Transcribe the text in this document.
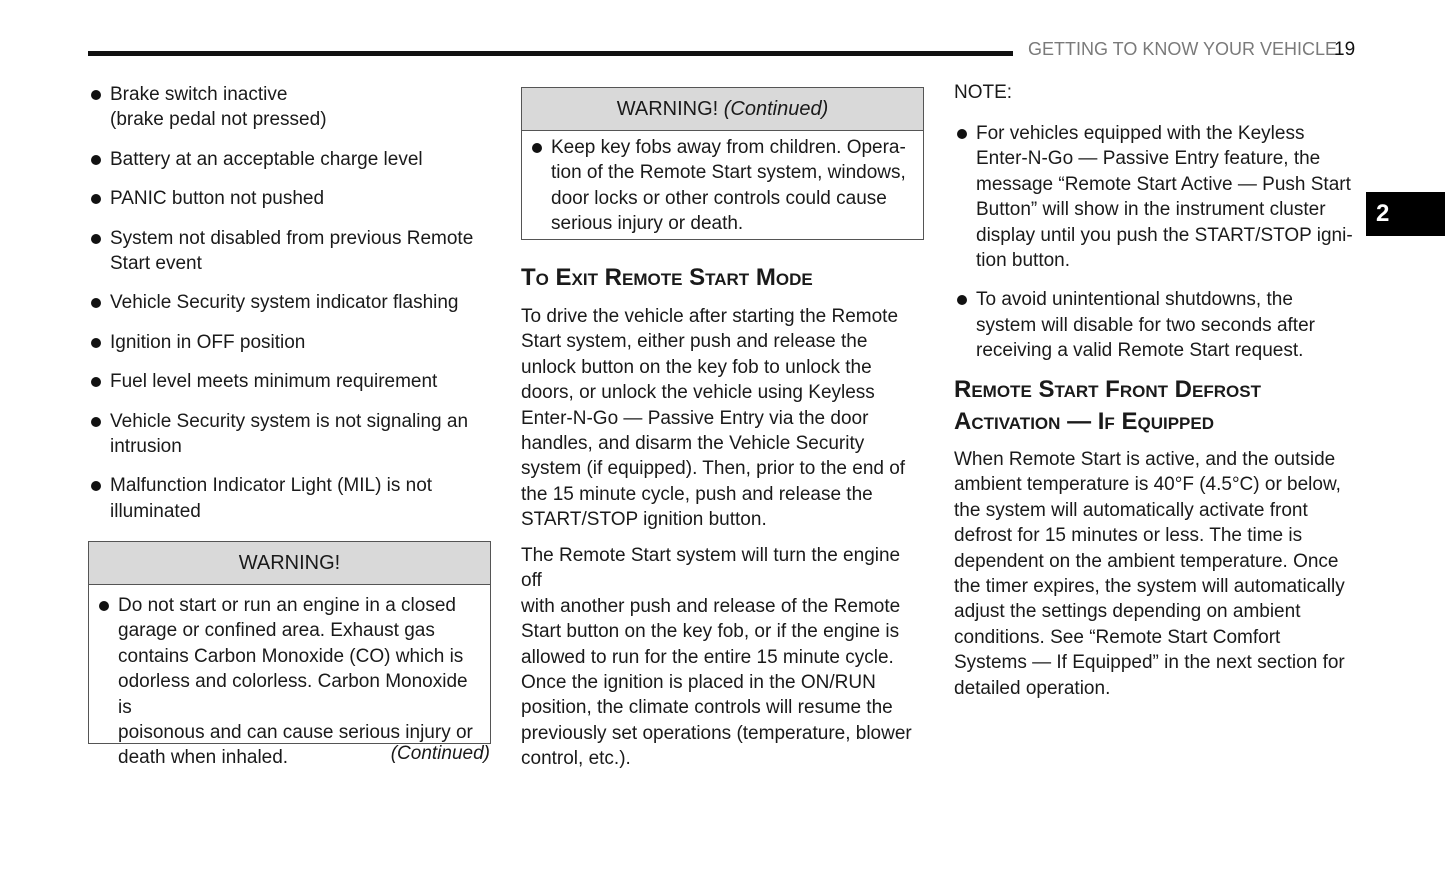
GETTING TO KNOW YOUR VEHICLE
19
2
Brake switch inactive
(brake pedal not pressed)
Battery at an acceptable charge level
PANIC button not pushed
System not disabled from previous Remote
Start event
Vehicle Security system indicator flashing
Ignition in OFF position
Fuel level meets minimum requirement
Vehicle Security system is not signaling an
intrusion
Malfunction Indicator Light (MIL) is not
illuminated
WARNING!
Do not start or run an engine in a closed
garage or confined area. Exhaust gas
contains Carbon Monoxide (CO) which is
odorless and colorless. Carbon Monoxide is
poisonous and can cause serious injury or
death when inhaled.	(Continued)
WARNING! (Continued)
Keep key fobs away from children. Opera-
tion of the Remote Start system, windows,
door locks or other controls could cause
serious injury or death.
To Exit Remote Start Mode
To drive the vehicle after starting the Remote
Start system, either push and release the
unlock button on the key fob to unlock the
doors, or unlock the vehicle using Keyless
Enter-N-Go — Passive Entry via the door
handles, and disarm the Vehicle Security
system (if equipped). Then, prior to the end of
the 15 minute cycle, push and release the
START/STOP ignition button.
The Remote Start system will turn the engine off
with another push and release of the Remote
Start button on the key fob, or if the engine is
allowed to run for the entire 15 minute cycle.
Once the ignition is placed in the ON/RUN
position, the climate controls will resume the
previously set operations (temperature, blower
control, etc.).
NOTE:
For vehicles equipped with the Keyless
Enter-N-Go — Passive Entry feature, the
message “Remote Start Active — Push Start
Button” will show in the instrument cluster
display until you push the START/STOP igni-
tion button.
To avoid unintentional shutdowns, the
system will disable for two seconds after
receiving a valid Remote Start request.
Remote Start Front Defrost
Activation — If Equipped
When Remote Start is active, and the outside
ambient temperature is 40°F (4.5°C) or below,
the system will automatically activate front
defrost for 15 minutes or less. The time is
dependent on the ambient temperature. Once
the timer expires, the system will automatically
adjust the settings depending on ambient
conditions. See “Remote Start Comfort
Systems — If Equipped” in the next section for
detailed operation.
